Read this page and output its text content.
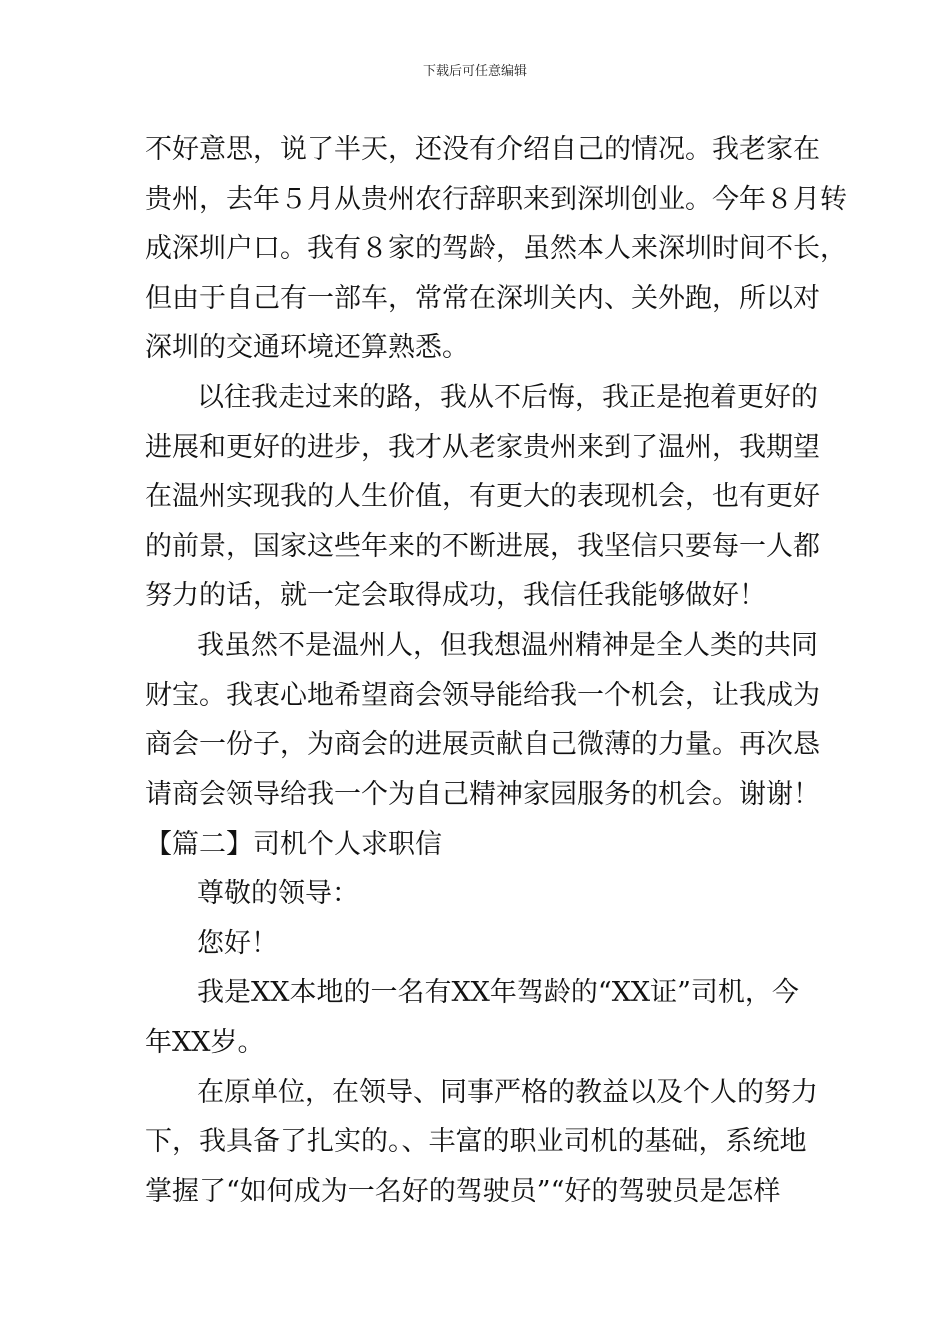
下载后可任意编辑
不好意思，说了半天，还没有介绍自己的情况。我老家在
贵州，去年５月从贵州农行辞职来到深圳创业。今年８月转
成深圳户口。我有８家的驾龄，虽然本人来深圳时间不长，
但由于自己有一部车，常常在深圳关内、关外跑，所以对
深圳的交通环境还算熟悉。
以往我走过来的路，我从不后悔，我正是抱着更好的
进展和更好的进步，我才从老家贵州来到了温州，我期望
在温州实现我的人生价值，有更大的表现机会，也有更好
的前景，国家这些年来的不断进展，我坚信只要每一人都
努力的话，就一定会取得成功，我信任我能够做好！
我虽然不是温州人，但我想温州精神是全人类的共同
财宝。我衷心地希望商会领导能给我一个机会，让我成为
商会一份子，为商会的进展贡献自己微薄的力量。再次恳
请商会领导给我一个为自己精神家园服务的机会。谢谢！
【篇二】司机个人求职信
尊敬的领导：
您好！
我是XX本地的一名有XX年驾龄的“XX证”司机，今
年XX岁。
在原单位，在领导、同事严格的教益以及个人的努力
下，我具备了扎实的。、丰富的职业司机的基础，系统地
掌握了“如何成为一名好的驾驶员”“好的驾驶员是怎样
